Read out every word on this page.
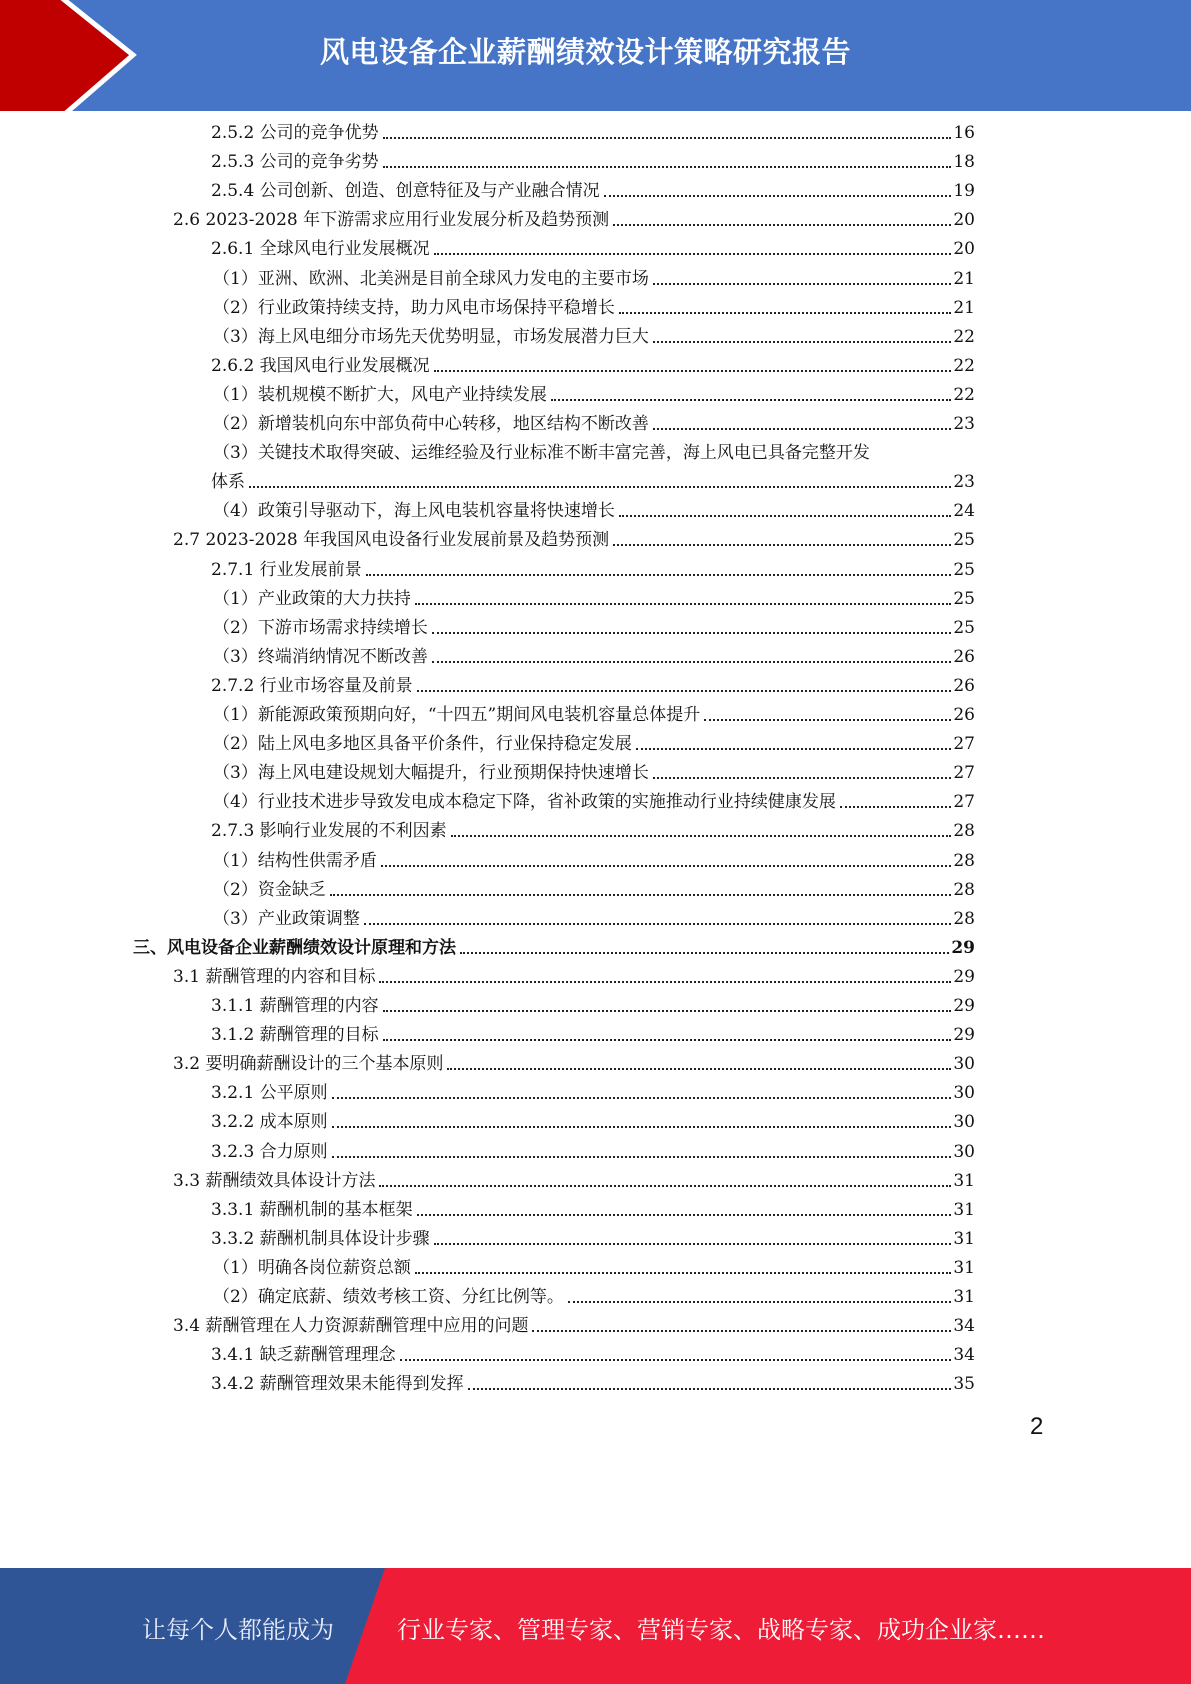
风电设备企业薪酬绩效设计策略研究报告
2.5.2 公司的竞争优势	16
2.5.3 公司的竞争劣势	18
2.5.4 公司创新、创造、创意特征及与产业融合情况	19
2.6 2023-2028 年下游需求应用行业发展分析及趋势预测	20
2.6.1 全球风电行业发展概况	20
（1）亚洲、欧洲、北美洲是目前全球风力发电的主要市场	21
（2）行业政策持续支持，助力风电市场保持平稳增长	21
（3）海上风电细分市场先天优势明显，市场发展潜力巨大	22
2.6.2 我国风电行业发展概况	22
（1）装机规模不断扩大，风电产业持续发展	22
（2）新增装机向东中部负荷中心转移，地区结构不断改善	23
（3）关键技术取得突破、运维经验及行业标准不断丰富完善，海上风电已具备完整开发
体系	23
（4）政策引导驱动下，海上风电装机容量将快速增长	24
2.7 2023-2028 年我国风电设备行业发展前景及趋势预测	25
2.7.1 行业发展前景	25
（1）产业政策的大力扶持	25
（2）下游市场需求持续增长	25
（3）终端消纳情况不断改善	26
2.7.2 行业市场容量及前景	26
（1）新能源政策预期向好，“十四五”期间风电装机容量总体提升	26
（2）陆上风电多地区具备平价条件，行业保持稳定发展	27
（3）海上风电建设规划大幅提升，行业预期保持快速增长	27
（4）行业技术进步导致发电成本稳定下降，省补政策的实施推动行业持续健康发展	27
2.7.3 影响行业发展的不利因素	28
（1）结构性供需矛盾	28
（2）资金缺乏	28
（3）产业政策调整	28
三、风电设备企业薪酬绩效设计原理和方法	29
3.1 薪酬管理的内容和目标	29
3.1.1 薪酬管理的内容	29
3.1.2 薪酬管理的目标	29
3.2 要明确薪酬设计的三个基本原则	30
3.2.1 公平原则	30
3.2.2 成本原则	30
3.2.3 合力原则	30
3.3 薪酬绩效具体设计方法	31
3.3.1 薪酬机制的基本框架	31
3.3.2 薪酬机制具体设计步骤	31
（1）明确各岗位薪资总额	31
（2）确定底薪、绩效考核工资、分红比例等。	31
3.4 薪酬管理在人力资源薪酬管理中应用的问题	34
3.4.1 缺乏薪酬管理理念	34
3.4.2 薪酬管理效果未能得到发挥	35
2
让每个人都能成为	行业专家、管理专家、营销专家、战略专家、成功企业家……
